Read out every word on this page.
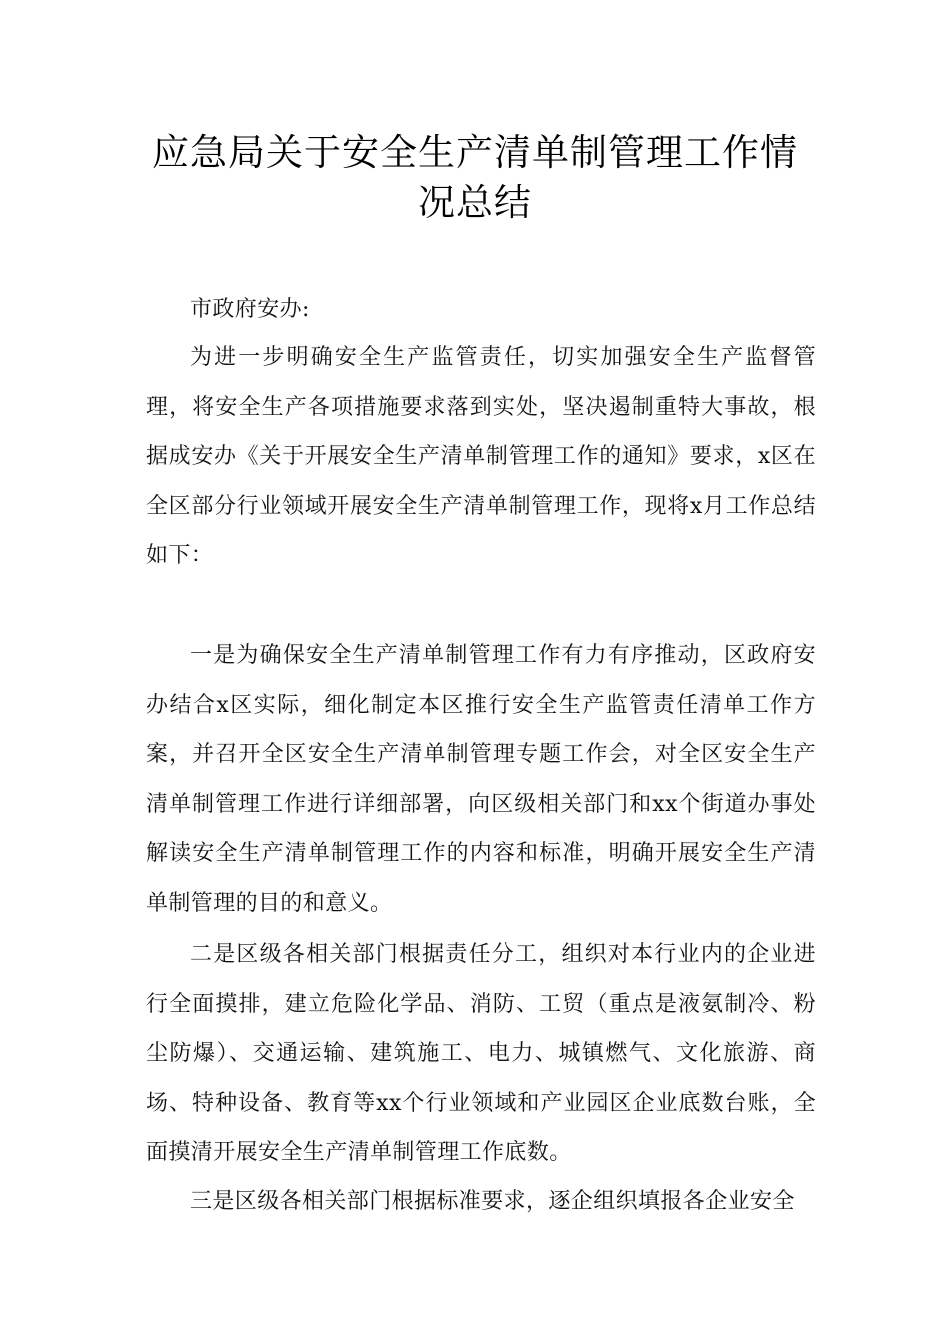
应急局关于安全生产清单制管理工作情
况总结

市政府安办:

为进一步明确安全生产监管责任，切实加强安全生产监督管理，将安全生产各项措施要求落到实处，坚决遏制重特大事故，根据成安办《关于开展安全生产清单制管理工作的通知》要求，x区在全区部分行业领域开展安全生产清单制管理工作，现将x月工作总结如下：

一是为确保安全生产清单制管理工作有力有序推动，区政府安办结合x区实际，细化制定本区推行安全生产监管责任清单工作方案，并召开全区安全生产清单制管理专题工作会，对全区安全生产清单制管理工作进行详细部署，向区级相关部门和xx个街道办事处解读安全生产清单制管理工作的内容和标准，明确开展安全生产清单制管理的目的和意义。

二是区级各相关部门根据责任分工，组织对本行业内的企业进行全面摸排，建立危险化学品、消防、工贸（重点是液氨制冷、粉尘防爆）、交通运输、建筑施工、电力、城镇燃气、文化旅游、商场、特种设备、教育等xx个行业领域和产业园区企业底数台账，全面摸清开展安全生产清单制管理工作底数。

三是区级各相关部门根据标准要求，逐企组织填报各企业安全
